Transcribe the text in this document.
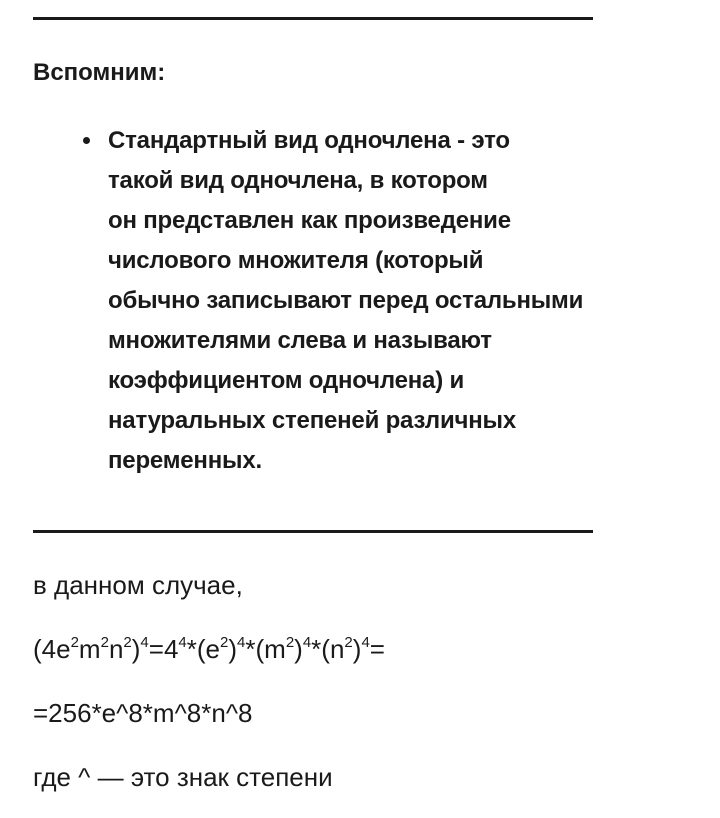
Вспомним:
Стандартный вид одночлена - это
такой вид одночлена, в котором
он представлен как произведение
числового множителя (который
обычно записывают перед остальными
множителями слева и называют
коэффициентом одночлена) и
натуральных степеней различных
переменных.

в данном случае,

$(4e^2m^2n^2)^4=4^4*(e^2)^4*(m^2)^4*(n^2)^4=$

=256*e^8*m^8*n^8

где ^ — это знак степени
